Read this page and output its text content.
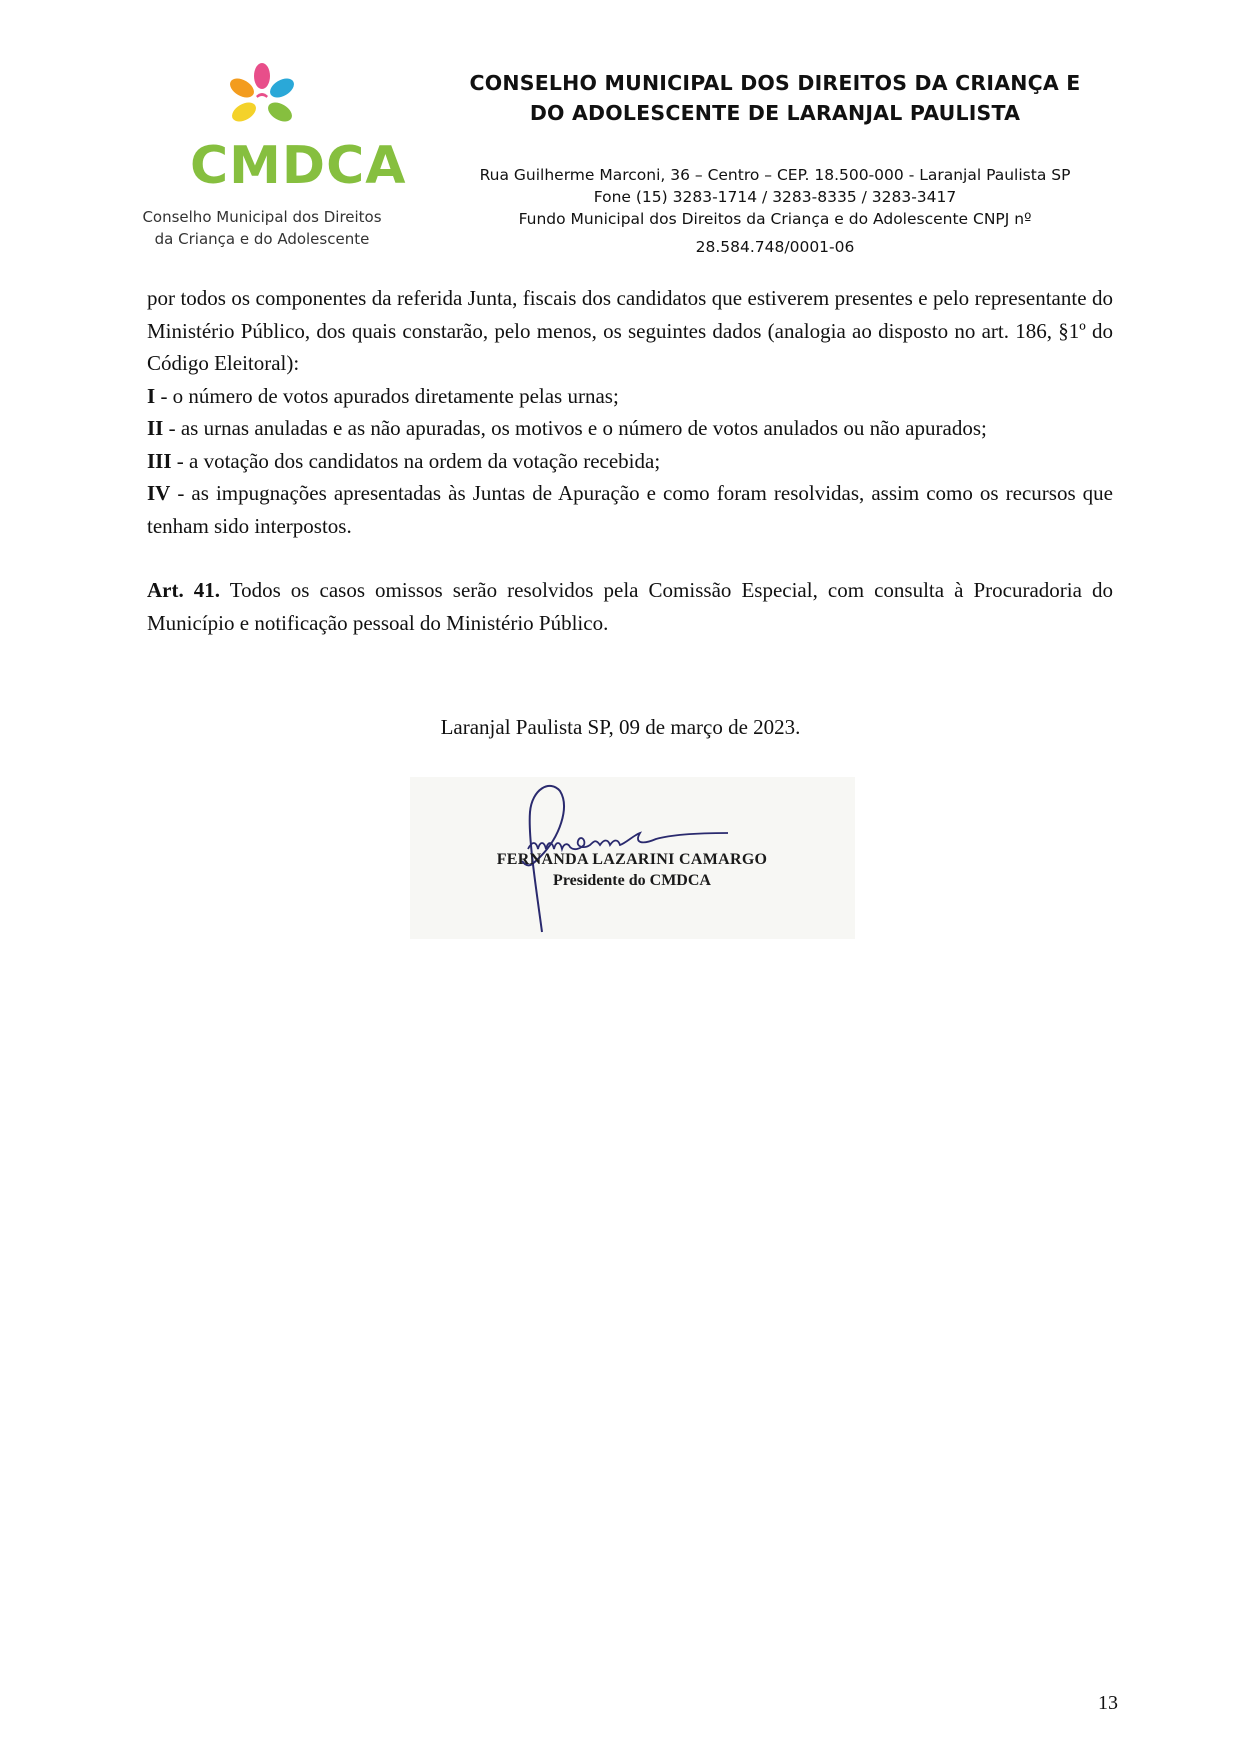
CMDCA
Conselho Municipal dos Direitos
da Criança e do Adolescente
CONSELHO MUNICIPAL DOS DIREITOS DA CRIANÇA E
DO ADOLESCENTE DE LARANJAL PAULISTA
Rua Guilherme Marconi, 36 – Centro – CEP. 18.500-000 - Laranjal Paulista SP
Fone (15) 3283-1714 / 3283-8335 / 3283-3417
Fundo Municipal dos Direitos da Criança e do Adolescente CNPJ nº
28.584.748/0001-06

por todos os componentes da referida Junta, fiscais dos candidatos que estiverem presentes e pelo representante do Ministério Público, dos quais constarão, pelo menos, os seguintes dados (analogia ao disposto no art. 186, §1º do Código Eleitoral):

I - o número de votos apurados diretamente pelas urnas;

II - as urnas anuladas e as não apuradas, os motivos e o número de votos anulados ou não apurados;

III - a votação dos candidatos na ordem da votação recebida;

IV - as impugnações apresentadas às Juntas de Apuração e como foram resolvidas, assim como os recursos que tenham sido interpostos.

Art. 41. Todos os casos omissos serão resolvidos pela Comissão Especial, com consulta à Procuradoria do Município e notificação pessoal do Ministério Público.

Laranjal Paulista SP, 09 de março de 2023.
FERNANDA LAZARINI CAMARGO
Presidente do CMDCA
13
